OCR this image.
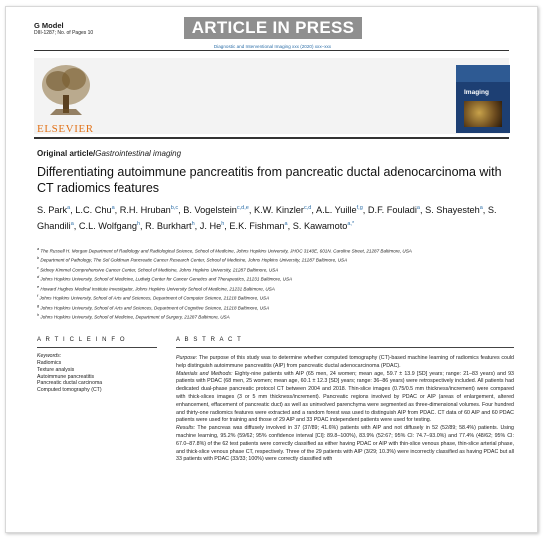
G Model
DIII-1287; No. of Pages 10	ARTICLE IN PRESS
Diagnostic and Interventional Imaging xxx (2020) xxx–xxx
ELSEVIER
Imaging
Original article/Gastrointestinal imaging
Differentiating autoimmune pancreatitis from pancreatic ductal adenocarcinoma with CT radiomics features
S. Park$^a$, L.C. Chu$^a$, R.H. Hruban$^{b,c}$, B. Vogelstein$^{c,d,e}$, K.W. Kinzler$^{c,d}$, A.L. Yuille$^{f,g}$, D.F. Fouladi$^a$, S. Shayesteh$^a$, S. Ghandili$^a$, C.L. Wolfgang$^h$, R. Burkhart$^h$, J. He$^h$, E.K. Fishman$^a$, S. Kawamoto$^{a,*}$
$^a$ The Russell H. Morgan Department of Radiology and Radiological Science, School of Medicine, Johns Hopkins University, JHOC 3140E, 601N. Caroline Street, 21287 Baltimore, USA
$^b$ Department of Pathology, The Sol Goldman Pancreatic Cancer Research Center, School of Medicine, Johns Hopkins University, 21287 Baltimore, USA
$^c$ Sidney Kimmel Comprehensive Cancer Center, School of Medicine, Johns Hopkins University, 21287 Baltimore, USA
$^d$ Johns Hopkins University, School of Medicine, Ludwig Center for Cancer Genetics and Therapeutics, 21231 Baltimore, USA
$^e$ Howard Hughes Medical Institute Investigator, Johns Hopkins University School of Medicine, 21231 Baltimore, USA
$^f$ Johns Hopkins University, School of Arts and Sciences, Department of Computer Science, 21218 Baltimore, USA
$^g$ Johns Hopkins University, School of Arts and Sciences, Department of Cognitive Science, 21218 Baltimore, USA
$^h$ Johns Hopkins University, School of Medicine, Department of Surgery, 21287 Baltimore, USA
A R T I C L E I N F O	A B S T R A C T
Keywords:
Radiomics
Texture analysis
Autoimmune pancreatitis
Pancreatic ductal carcinoma
Computed tomography (CT)

Purpose: The purpose of this study was to determine whether computed tomography (CT)-based machine learning of radiomics features could help distinguish autoimmune pancreatitis (AIP) from pancreatic ductal adenocarcinoma (PDAC).

Materials and Methods: Eighty-nine patients with AIP (65 men, 24 women; mean age, 59.7 ± 13.9 [SD] years; range: 21–83 years) and 93 patients with PDAC (68 men, 25 women; mean age, 60.1 ± 12.3 [SD] years; range: 36–86 years) were retrospectively included. All patients had dedicated dual-phase pancreatic protocol CT between 2004 and 2018. Thin-slice images (0.75/0.5 mm thickness/increment) were compared with thick-slices images (3 or 5 mm thickness/increment). Pancreatic regions involved by PDAC or AIP (areas of enlargement, altered enhancement, effacement of pancreatic duct) as well as uninvolved parenchyma were segmented as three-dimensional volumes. Four hundred and thirty-one radiomics features were extracted and a random forest was used to distinguish AIP from PDAC. CT data of 60 AIP and 60 PDAC patients were used for training and those of 29 AIP and 33 PDAC independent patients were used for testing.

Results: The pancreas was diffusely involved in 37 (37/89; 41.6%) patients with AIP and not diffusely in 52 (52/89; 58.4%) patients. Using machine learning, 95.2% (59/62; 95% confidence interval [CI]: 89.8–100%), 83.9% (52:67; 95% CI: 74.7–93.0%) and 77.4% (48/62; 95% CI: 67.0–87.8%) of the 62 test patients were correctly classified as either having PDAC or AIP with thin-slice venous phase, thin-slice arterial phase, and thick-slice venous phase CT, respectively. Three of the 29 patients with AIP (3/29; 10.3%) were incorrectly classified as having PDAC but all 33 patients with PDAC (33/33; 100%) were correctly classified with
